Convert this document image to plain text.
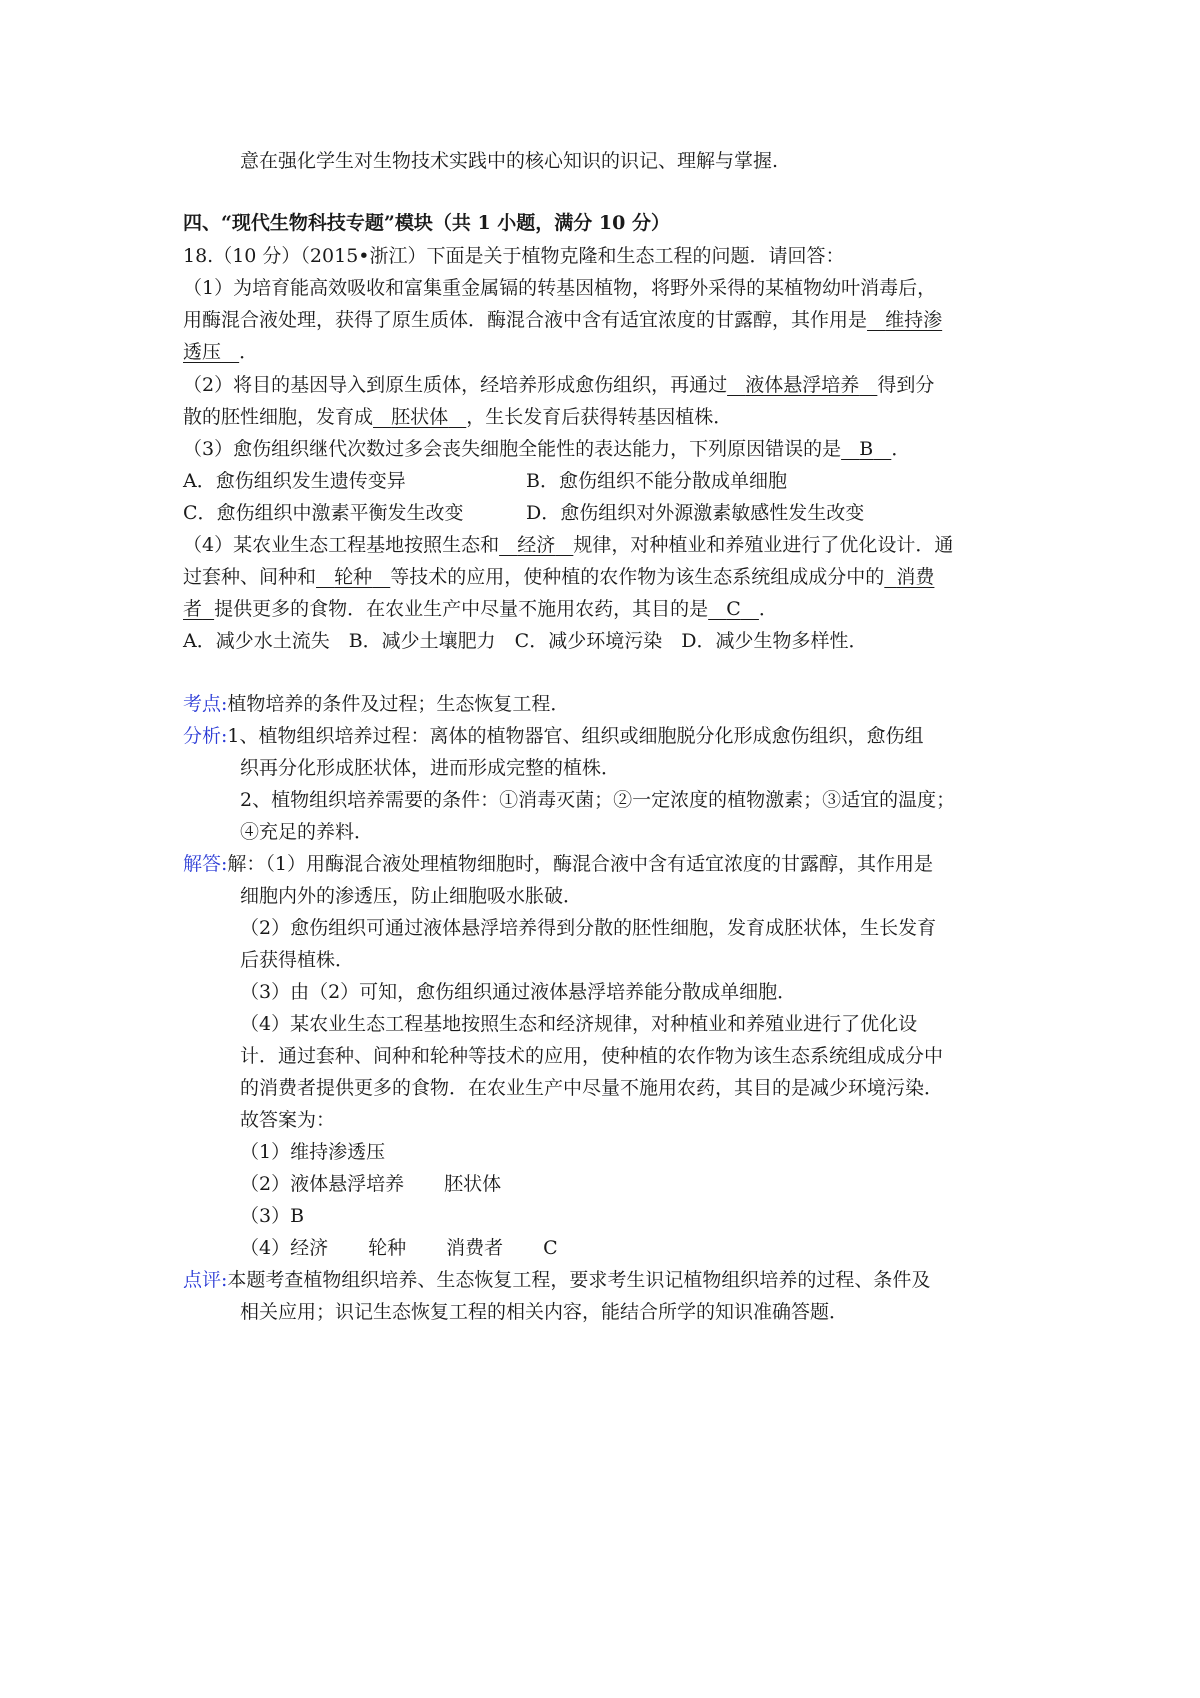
意在强化学生对生物技术实践中的核心知识的识记、理解与掌握.
四、“现代生物科技专题”模块（共 1 小题，满分 10 分）
18.（10 分）（2015•浙江）下面是关于植物克隆和生态工程的问题．请回答：
（1）为培育能高效吸收和富集重金属镉的转基因植物，将野外采得的某植物幼叶消毒后，
用酶混合液处理，获得了原生质体．酶混合液中含有适宜浓度的甘露醇，其作用是 维持渗
透压 ．
（2）将目的基因导入到原生质体，经培养形成愈伤组织，再通过 液体悬浮培养 得到分
散的胚性细胞，发育成 胚状体 ，生长发育后获得转基因植株．
（3）愈伤组织继代次数过多会丧失细胞全能性的表达能力，下列原因错误的是 B ．
A．愈伤组织发生遗传变异	B．愈伤组织不能分散成单细胞
C．愈伤组织中激素平衡发生改变	D．愈伤组织对外源激素敏感性发生改变
（4）某农业生态工程基地按照生态和 经济 规律，对种植业和养殖业进行了优化设计．通
过套种、间种和 轮种 等技术的应用，使种植的农作物为该生态系统组成成分中的 消费
者 提供更多的食物．在农业生产中尽量不施用农药，其目的是 C ．
A．减少水土流失　B．减少土壤肥力　C．减少环境污染　D．减少生物多样性．
考点:植物培养的条件及过程；生态恢复工程．
分析:1、植物组织培养过程：离体的植物器官、组织或细胞脱分化形成愈伤组织，愈伤组
织再分化形成胚状体，进而形成完整的植株．
2、植物组织培养需要的条件：①消毒灭菌；②一定浓度的植物激素；③适宜的温度；
④充足的养料．
解答:解：（1）用酶混合液处理植物细胞时，酶混合液中含有适宜浓度的甘露醇，其作用是
细胞内外的渗透压，防止细胞吸水胀破．
（2）愈伤组织可通过液体悬浮培养得到分散的胚性细胞，发育成胚状体，生长发育
后获得植株．
（3）由（2）可知，愈伤组织通过液体悬浮培养能分散成单细胞．
（4）某农业生态工程基地按照生态和经济规律，对种植业和养殖业进行了优化设
计．通过套种、间种和轮种等技术的应用，使种植的农作物为该生态系统组成成分中
的消费者提供更多的食物．在农业生产中尽量不施用农药，其目的是减少环境污染．
故答案为：
（1）维持渗透压
（2）液体悬浮培养 胚状体
（3）B
（4）经济 轮种 消费者 C
点评:本题考查植物组织培养、生态恢复工程，要求考生识记植物组织培养的过程、条件及
相关应用；识记生态恢复工程的相关内容，能结合所学的知识准确答题．
